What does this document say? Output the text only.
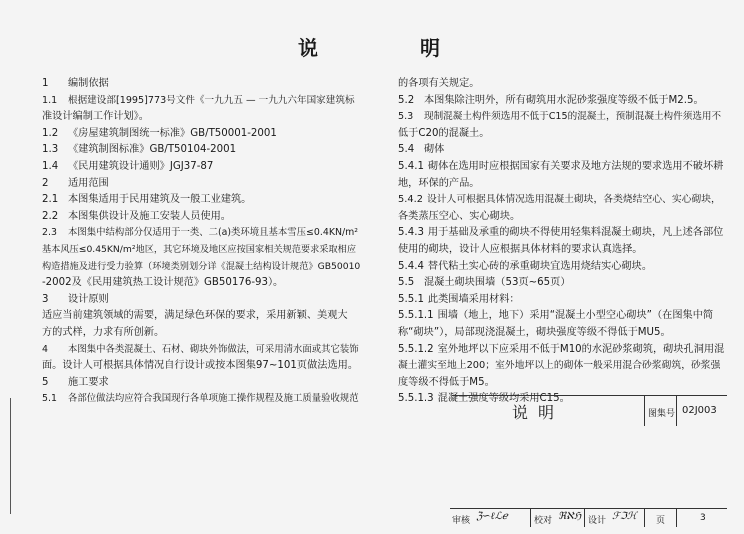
说	明
1 编制依据
1.1 根据建设部[1995]773号文件《一九九五 — 一九九六年国家建筑标
准设计编制工作计划》。
1.2 《房屋建筑制图统一标准》GB/T50001-2001
1.3 《建筑制图标准》GB/T50104-2001
1.4 《民用建筑设计通则》JGJ37-87
2 适用范围
2.1 本图集适用于民用建筑及一般工业建筑。
2.2 本图集供设计及施工安装人员使用。
2.3 本图集中结构部分仅适用于一类、二(a)类环境且基本雪压≤0.4KN/m²
基本风压≤0.45KN/m²地区，其它环境及地区应按国家相关规范要求采取相应
构造措施及进行受力验算（环境类别划分详《混凝土结构设计规范》GB50010
-2002及《民用建筑热工设计规范》GB50176-93）。
3 设计原则
适应当前建筑领域的需要，满足绿色环保的要求，采用新颖、美观大
方的式样，力求有所创新。
4 本图集中各类混凝土、石材、砌块外饰做法，可采用清水面或其它装饰
面。设计人可根据具体情况自行设计或按本图集97~101页做法选用。
5 施工要求
5.1 各部位做法均应符合我国现行各单项施工操作规程及施工质量验收规范
的各项有关规定。
5.2 本图集除注明外，所有砌筑用水泥砂浆强度等级不低于M2.5。
5.3 现制混凝土构件须选用不低于C15的混凝土，预制混凝土构件须选用不
低于C20的混凝土。
5.4 砌体
5.4.1 砌体在选用时应根据国家有关要求及地方法规的要求选用不破坏耕
地，环保的产品。
5.4.2 设计人可根据具体情况选用混凝土砌块，各类烧结空心、实心砌块，
各类蒸压空心、实心砌块。
5.4.3 用于基础及承重的砌块不得使用轻集料混凝土砌块，凡上述各部位
使用的砌块，设计人应根据具体材料的要求认真选择。
5.4.4 替代粘土实心砖的承重砌块宜选用烧结实心砌块。
5.5 混凝土砌块围墙（53页~65页）
5.5.1 此类围墙采用材料：
5.5.1.1 围墙（地上，地下）采用“混凝土小型空心砌块”（在图集中简
称“砌块”），局部现浇混凝土，砌块强度等级不得低于MU5。
5.5.1.2 室外地坪以下应采用不低于M10的水泥砂浆砌筑，砌块孔洞用混
凝土灌实至地上200；室外地坪以上的砌体一般采用混合砂浆砌筑，砂浆强
度等级不得低于M5。
5.5.1.3 混凝土强度等级均采用C15。
说明	图集号 02J003
审核 ℨ∽ℓℒℯ	校对 ℜℵℌ 设计 ℱℑℋ 页	3
